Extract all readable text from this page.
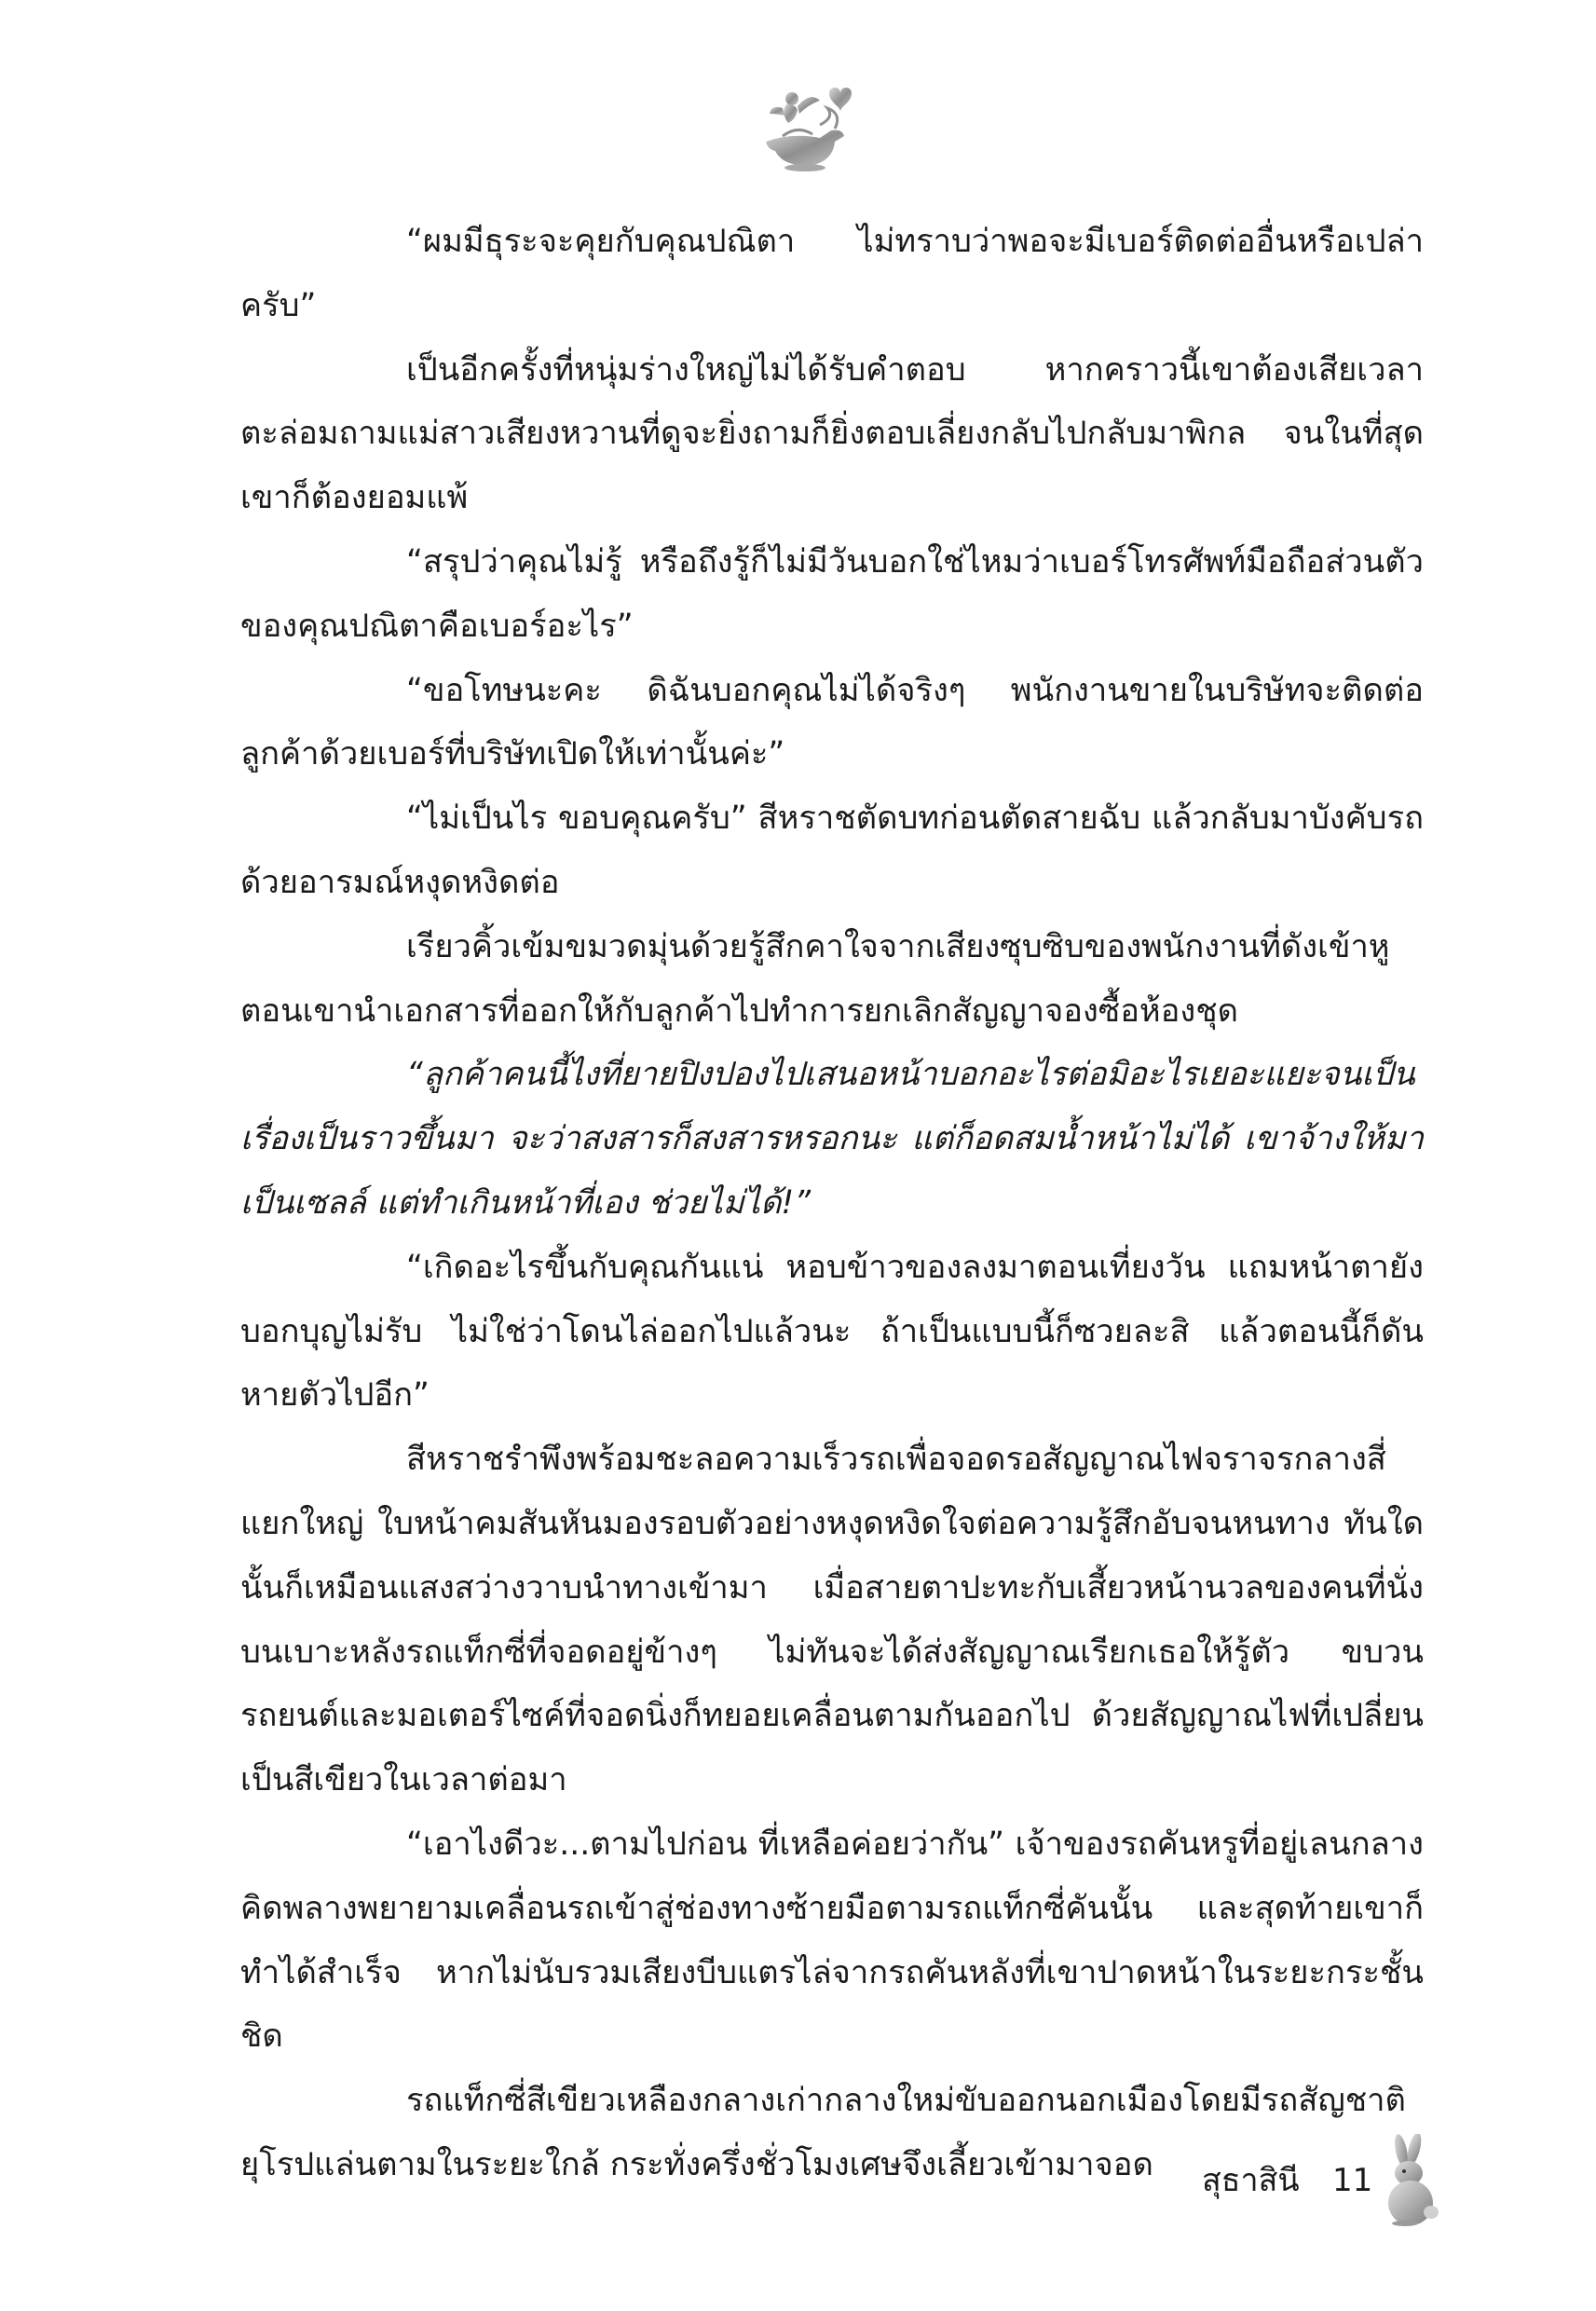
“ผมมีธุระจะคุยกับคุณปณิตา ไม่ทราบว่าพอจะมีเบอร์ติดต่ออื่นหรือเปล่าครับ”

เป็นอีกครั้งที่หนุ่มร่างใหญ่ไม่ได้รับคำตอบ หากคราวนี้เขาต้องเสียเวลาตะล่อมถามแม่สาวเสียงหวานที่ดูจะยิ่งถามก็ยิ่งตอบเลี่ยงกลับไปกลับมาพิกล จนในที่สุดเขาก็ต้องยอมแพ้

“สรุปว่าคุณไม่รู้ หรือถึงรู้ก็ไม่มีวันบอกใช่ไหมว่าเบอร์โทรศัพท์มือถือส่วนตัวของคุณปณิตาคือเบอร์อะไร”

“ขอโทษนะคะ ดิฉันบอกคุณไม่ได้จริงๆ พนักงานขายในบริษัทจะติดต่อลูกค้าด้วยเบอร์ที่บริษัทเปิดให้เท่านั้นค่ะ”

“ไม่เป็นไร ขอบคุณครับ” สีหราชตัดบทก่อนตัดสายฉับ แล้วกลับมาบังคับรถด้วยอารมณ์หงุดหงิดต่อ

เรียวคิ้วเข้มขมวดมุ่นด้วยรู้สึกคาใจจากเสียงซุบซิบของพนักงานที่ดังเข้าหูตอนเขานำเอกสารที่ออกให้กับลูกค้าไปทำการยกเลิกสัญญาจองซื้อห้องชุด

“ลูกค้าคนนี้ไงที่ยายปิงปองไปเสนอหน้าบอกอะไรต่อมิอะไรเยอะแยะจนเป็นเรื่องเป็นราวขึ้นมา จะว่าสงสารก็สงสารหรอกนะ แต่ก็อดสมน้ำหน้าไม่ได้ เขาจ้างให้มาเป็นเซลล์ แต่ทำเกินหน้าที่เอง ช่วยไม่ได้!”

“เกิดอะไรขึ้นกับคุณกันแน่ หอบข้าวของลงมาตอนเที่ยงวัน แถมหน้าตายังบอกบุญไม่รับ ไม่ใช่ว่าโดนไล่ออกไปแล้วนะ ถ้าเป็นแบบนี้ก็ซวยละสิ แล้วตอนนี้ก็ดันหายตัวไปอีก”

สีหราชรำพึงพร้อมชะลอความเร็วรถเพื่อจอดรอสัญญาณไฟจราจรกลางสี่แยกใหญ่ ใบหน้าคมสันหันมองรอบตัวอย่างหงุดหงิดใจต่อความรู้สึกอับจนหนทาง ทันใดนั้นก็เหมือนแสงสว่างวาบนำทางเข้ามา เมื่อสายตาปะทะกับเสี้ยวหน้านวลของคนที่นั่งบนเบาะหลังรถแท็กซี่ที่จอดอยู่ข้างๆ ไม่ทันจะได้ส่งสัญญาณเรียกเธอให้รู้ตัว ขบวนรถยนต์และมอเตอร์ไซค์ที่จอดนิ่งก็ทยอยเคลื่อนตามกันออกไป ด้วยสัญญาณไฟที่เปลี่ยนเป็นสีเขียวในเวลาต่อมา

“เอาไงดีวะ...ตามไปก่อน ที่เหลือค่อยว่ากัน” เจ้าของรถคันหรูที่อยู่เลนกลางคิดพลางพยายามเคลื่อนรถเข้าสู่ช่องทางซ้ายมือตามรถแท็กซี่คันนั้น และสุดท้ายเขาก็ทำได้สำเร็จ หากไม่นับรวมเสียงบีบแตรไล่จากรถคันหลังที่เขาปาดหน้าในระยะกระชั้นชิด

รถแท็กซี่สีเขียวเหลืองกลางเก่ากลางใหม่ขับออกนอกเมืองโดยมีรถสัญชาติยุโรปแล่นตามในระยะใกล้ กระทั่งครึ่งชั่วโมงเศษจึงเลี้ยวเข้ามาจอด	สุธาสินี 11
